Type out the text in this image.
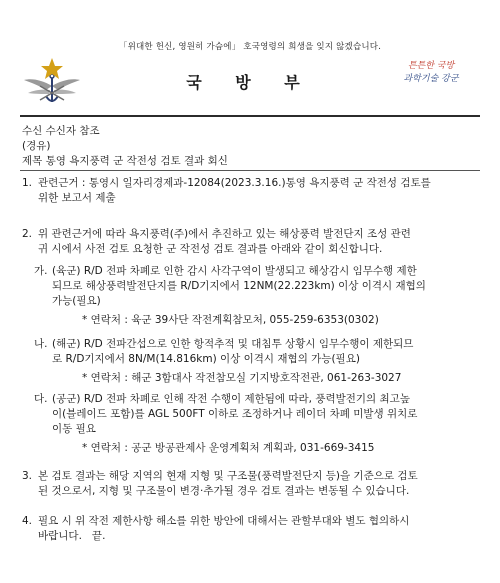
「위대한 헌신, 영원히 가슴에」 호국영령의 희생을 잊지 않겠습니다.
국 방 부
튼튼한 국방
과학기술 강군
수신 수신자 참조
(경유)
제목 통영 욕지풍력 군 작전성 검토 결과 회신
1. 관련근거 : 통영시 일자리경제과-12084(2023.3.16.)통영 욕지풍력 군 작전성 검토를
위한 보고서 제출
2. 위 관련근거에 따라 욕지풍력(주)에서 추진하고 있는 해상풍력 발전단지 조성 관련
귀 시에서 사전 검토 요청한 군 작전성 검토 결과를 아래와 같이 회신합니다.
가. (육군) R/D 전파 차폐로 인한 감시 사각구역이 발생되고 해상감시 임무수행 제한
되므로 해상풍력발전단지를 R/D기지에서 12NM(22.223km) 이상 이격시 재협의
가능(필요)
* 연락처 : 육군 39사단 작전계획참모처, 055-259-6353(0302)
나. (해군) R/D 전파간섭으로 인한 항적추적 및 대침투 상황시 임무수행이 제한되므
로 R/D기지에서 8N/M(14.816km) 이상 이격시 재협의 가능(필요)
* 연락처 : 해군 3함대사 작전참모실 기지방호작전관, 061-263-3027
다. (공군) R/D 전파 차폐로 인해 작전 수행이 제한됨에 따라, 풍력발전기의 최고높
이(블레이드 포함)를 AGL 500FT 이하로 조정하거나 레이더 차폐 미발생 위치로
이동 필요
* 연락처 : 공군 방공관제사 운영계획처 계획과, 031-669-3415
3. 본 검토 결과는 해당 지역의 현재 지형 및 구조물(풍력발전단지 등)을 기준으로 검토
된 것으로서, 지형 및 구조물이 변경·추가될 경우 검토 결과는 변동될 수 있습니다.
4. 필요 시 위 작전 제한사항 해소를 위한 방안에 대해서는 관할부대와 별도 협의하시
바랍니다.   끝.
